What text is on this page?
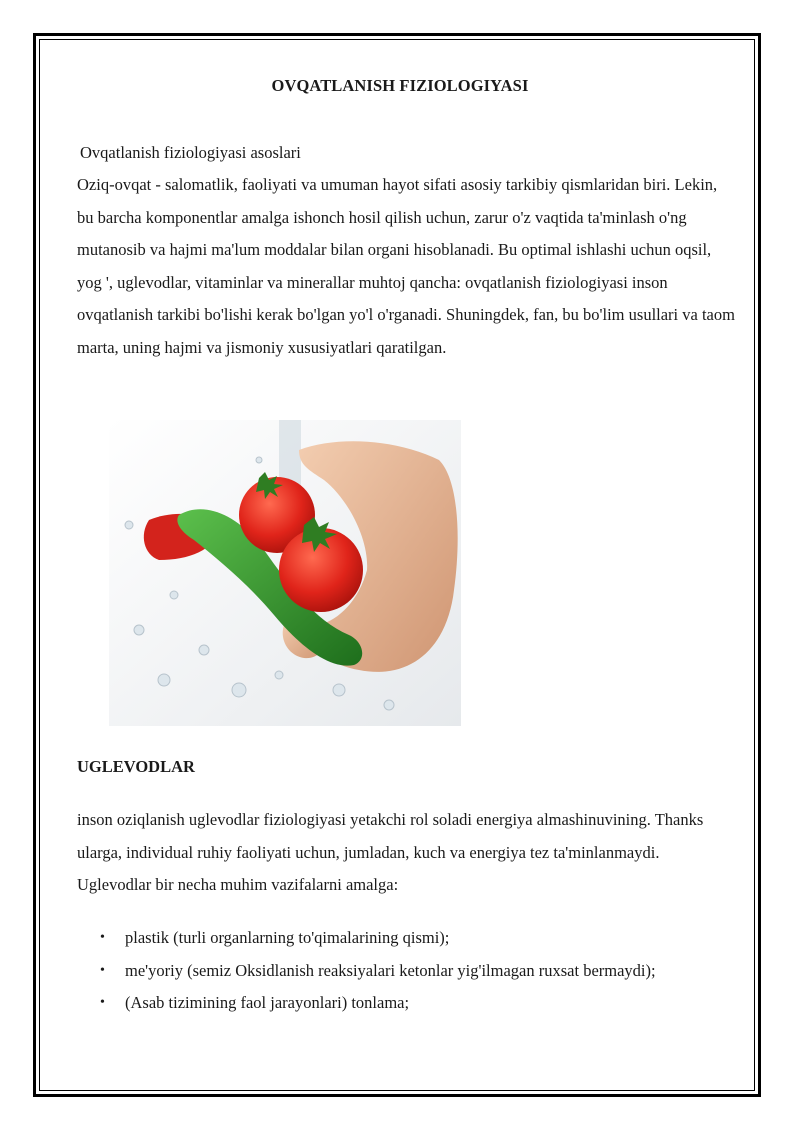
OVQATLANISH FIZIOLOGIYASI
Ovqatlanish fiziologiyasi asoslari

Oziq-ovqat - salomatlik, faoliyati va umuman hayot sifati asosiy tarkibiy qismlaridan biri. Lekin, bu barcha komponentlar amalga ishonch hosil qilish uchun, zarur o'z vaqtida ta'minlash o'ng mutanosib va hajmi ma'lum moddalar bilan organi hisoblanadi. Bu optimal ishlashi uchun oqsil, yog ', uglevodlar, vitaminlar va minerallar muhtoj qancha: ovqatlanish fiziologiyasi inson ovqatlanish tarkibi bo'lishi kerak bo'lgan yo'l o'rganadi. Shuningdek, fan, bu bo'lim usullari va taom marta, uning hajmi va jismoniy xususiyatlari qaratilgan.

UGLEVODLAR

inson oziqlanish uglevodlar fiziologiyasi yetakchi rol soladi energiya almashinuvining. Thanks ularga, individual ruhiy faoliyati uchun, jumladan, kuch va energiya tez ta'minlanmaydi. Uglevodlar bir necha muhim vazifalarni amalga:

• plastik (turli organlarning to'qimalarining qismi);
• me'yoriy (semiz Oksidlanish reaksiyalari ketonlar yig'ilmagan ruxsat bermaydi);
• (Asab tizimining faol jarayonlari) tonlama;
